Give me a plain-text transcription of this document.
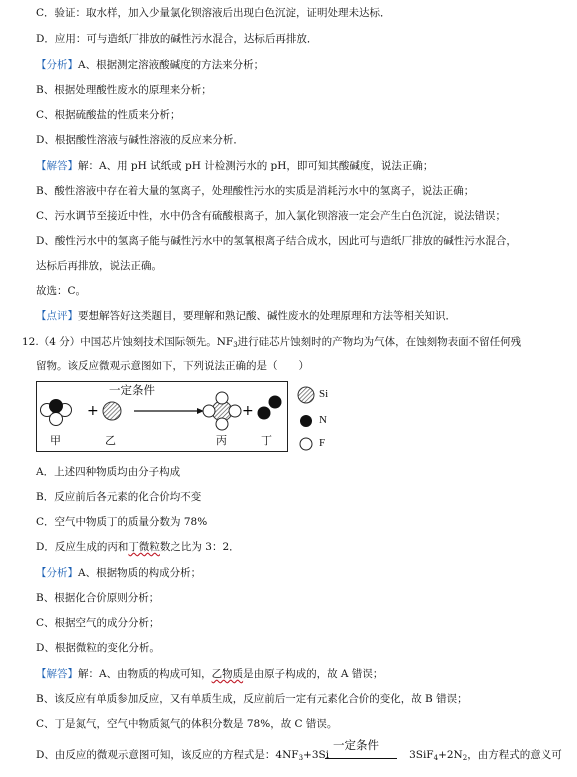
C．验证：取水样，加入少量氯化钡溶液后出现白色沉淀，证明处理未达标．
D．应用：可与造纸厂排放的碱性污水混合，达标后再排放．
【分析】A、根据测定溶液酸碱度的方法来分析；
B、根据处理酸性废水的原理来分析；
C、根据硫酸盐的性质来分析；
D、根据酸性溶液与碱性溶液的反应来分析．
【解答】解：A、用 pH 试纸或 pH 计检测污水的 pH，即可知其酸碱度，说法正确；
B、酸性溶液中存在着大量的氢离子，处理酸性污水的实质是消耗污水中的氢离子，说法正确；
C、污水调节至接近中性，水中仍含有硫酸根离子，加入氯化钡溶液一定会产生白色沉淀，说法错误；
D、酸性污水中的氢离子能与碱性污水中的氢氧根离子结合成水，因此可与造纸厂排放的碱性污水混合，
达标后再排放，说法正确。
故选：C。
【点评】要想解答好这类题目，要理解和熟记酸、碱性废水的处理原理和方法等相关知识．
12.（4 分）中国芯片蚀刻技术国际领先。$NF_3$进行硅芯片蚀刻时的产物均为气体，在蚀刻物表面不留任何残
留物。该反应微观示意图如下，下列说法正确的是（　　）
+	+
一定条件
甲	乙	丙	丁
Si
N
F
A．上述四种物质均由分子构成
B．反应前后各元素的化合价均不变
C．空气中物质丁的质量分数为 78%
D．反应生成的丙和丁微粒数之比为 3：2．
【分析】A、根据物质的构成分析；
B、根据化合价原则分析；
C、根据空气的成分分析；
D、根据微粒的变化分析。
【解答】解：A、由物质的构成可知，乙物质是由原子构成的，故 A 错误；
B、该反应有单质参加反应，又有单质生成，反应前后一定有元素化合价的变化，故 B 错误；
C、丁是氮气，空气中物质氮气的体积分数是 78%，故 C 错误。
D、由反应的微观示意图可知，该反应的方程式是：$4NF_3+3Si$	$3SiF_4+2N_2$，由方程式的意义可
一定条件
